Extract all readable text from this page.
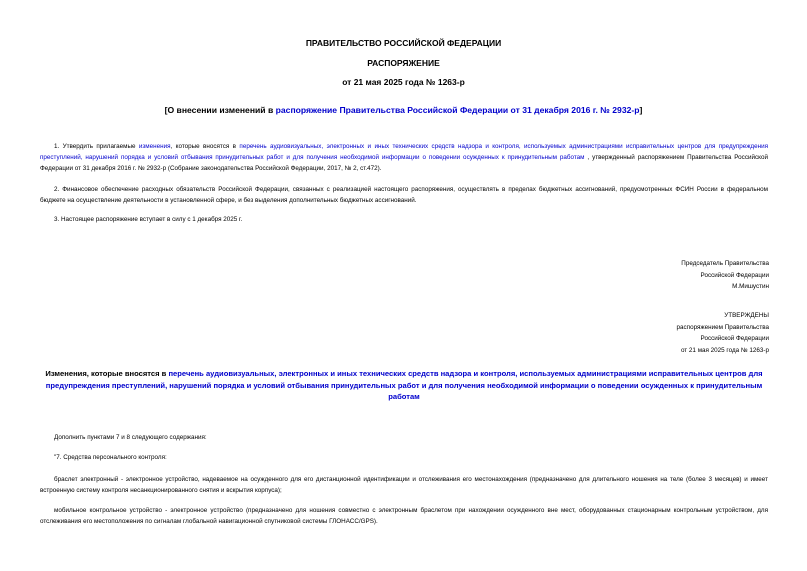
ПРАВИТЕЛЬСТВО РОССИЙСКОЙ ФЕДЕРАЦИИ
РАСПОРЯЖЕНИЕ
от 21 мая 2025 года № 1263-р
[О внесении изменений в распоряжение Правительства Российской Федерации от 31 декабря 2016 г. № 2932-р]
1. Утвердить прилагаемые изменения, которые вносятся в перечень аудиовизуальных, электронных и иных технических средств надзора и контроля, используемых администрациями исправительных центров для предупреждения преступлений, нарушений порядка и условий отбывания принудительных работ и для получения необходимой информации о поведении осужденных к принудительным работам , утвержденный распоряжением Правительства Российской Федерации от 31 декабря 2016 г. № 2932-р (Собрание законодательства Российской Федерации, 2017, № 2, ст.472).
2. Финансовое обеспечение расходных обязательств Российской Федерации, связанных с реализацией настоящего распоряжения, осуществлять в пределах бюджетных ассигнований, предусмотренных ФСИН России в федеральном бюджете на осуществление деятельности в установленной сфере, и без выделения дополнительных бюджетных ассигнований.
3. Настоящее распоряжение вступает в силу с 1 декабря 2025 г.
Председатель Правительства
Российской Федерации
М.Мишустин
УТВЕРЖДЕНЫ
распоряжением Правительства
Российской Федерации
от 21 мая 2025 года № 1263-р
Изменения, которые вносятся в перечень аудиовизуальных, электронных и иных технических средств надзора и контроля, используемых администрациями исправительных центров для предупреждения преступлений, нарушений порядка и условий отбывания принудительных работ и для получения необходимой информации о поведении осужденных к принудительным работам
Дополнить пунктами 7 и 8 следующего содержания:
"7. Средства персонального контроля:
браслет электронный - электронное устройство, надеваемое на осужденного для его дистанционной идентификации и отслеживания его местонахождения (предназначено для длительного ношения на теле (более 3 месяцев) и имеет встроенную систему контроля несанкционированного снятия и вскрытия корпуса);
мобильное контрольное устройство - электронное устройство (предназначено для ношения совместно с электронным браслетом при нахождении осужденного вне мест, оборудованных стационарным контрольным устройством, для отслеживания его местоположения по сигналам глобальной навигационной спутниковой системы ГЛОНАСС/GPS).
